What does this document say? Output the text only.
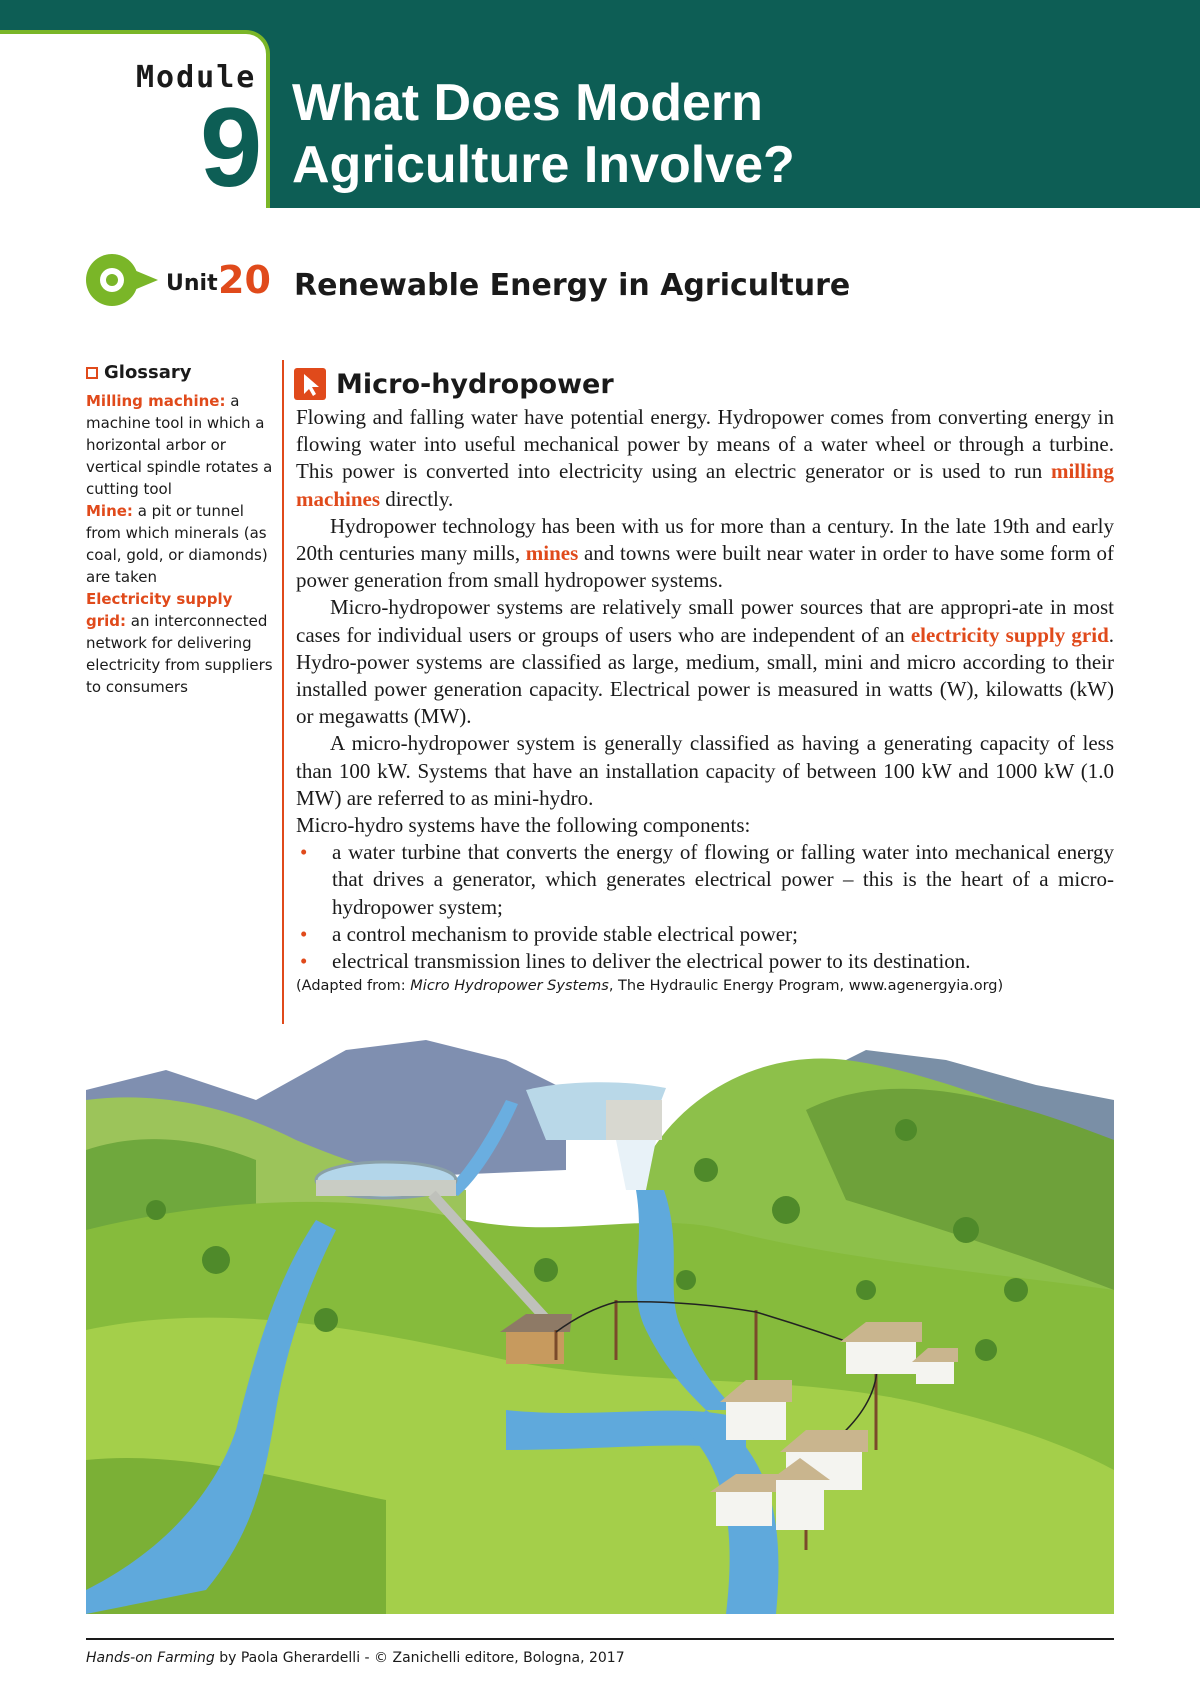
Module
9 What Does Modern
Agriculture Involve?
Unit 20 Renewable Energy in Agriculture
Glossary
Milling machine: a machine tool in which a horizontal arbor or vertical spindle rotates a cutting tool
Mine: a pit or tunnel from which minerals (as coal, gold, or diamonds) are taken
Electricity supply grid: an interconnected network for delivering electricity from suppliers to consumers
Micro-hydropower

Flowing and falling water have potential energy. Hydropower comes from converting energy in flowing water into useful mechanical power by means of a water wheel or through a turbine. This power is converted into electricity using an electric generator or is used to run milling machines directly.

Hydropower technology has been with us for more than a century. In the late 19th and early 20th centuries many mills, mines and towns were built near water in order to have some form of power generation from small hydropower systems.

Micro-hydropower systems are relatively small power sources that are appropri-ate in most cases for individual users or groups of users who are independent of an electricity supply grid. Hydro-power systems are classified as large, medium, small, mini and micro according to their installed power generation capacity. Electrical power is measured in watts (W), kilowatts (kW) or megawatts (MW).

A micro-hydropower system is generally classified as having a generating capacity of less than 100 kW. Systems that have an installation capacity of between 100 kW and 1000 kW (1.0 MW) are referred to as mini-hydro.

Micro-hydro systems have the following components:

• a water turbine that converts the energy of flowing or falling water into mechanical energy that drives a generator, which generates electrical power – this is the heart of a micro-hydropower system;
• a control mechanism to provide stable electrical power;
• electrical transmission lines to deliver the electrical power to its destination.
(Adapted from: Micro Hydropower Systems, The Hydraulic Energy Program, www.agenergyia.org)
Hands-on Farming by Paola Gherardelli - © Zanichelli editore, Bologna, 2017
